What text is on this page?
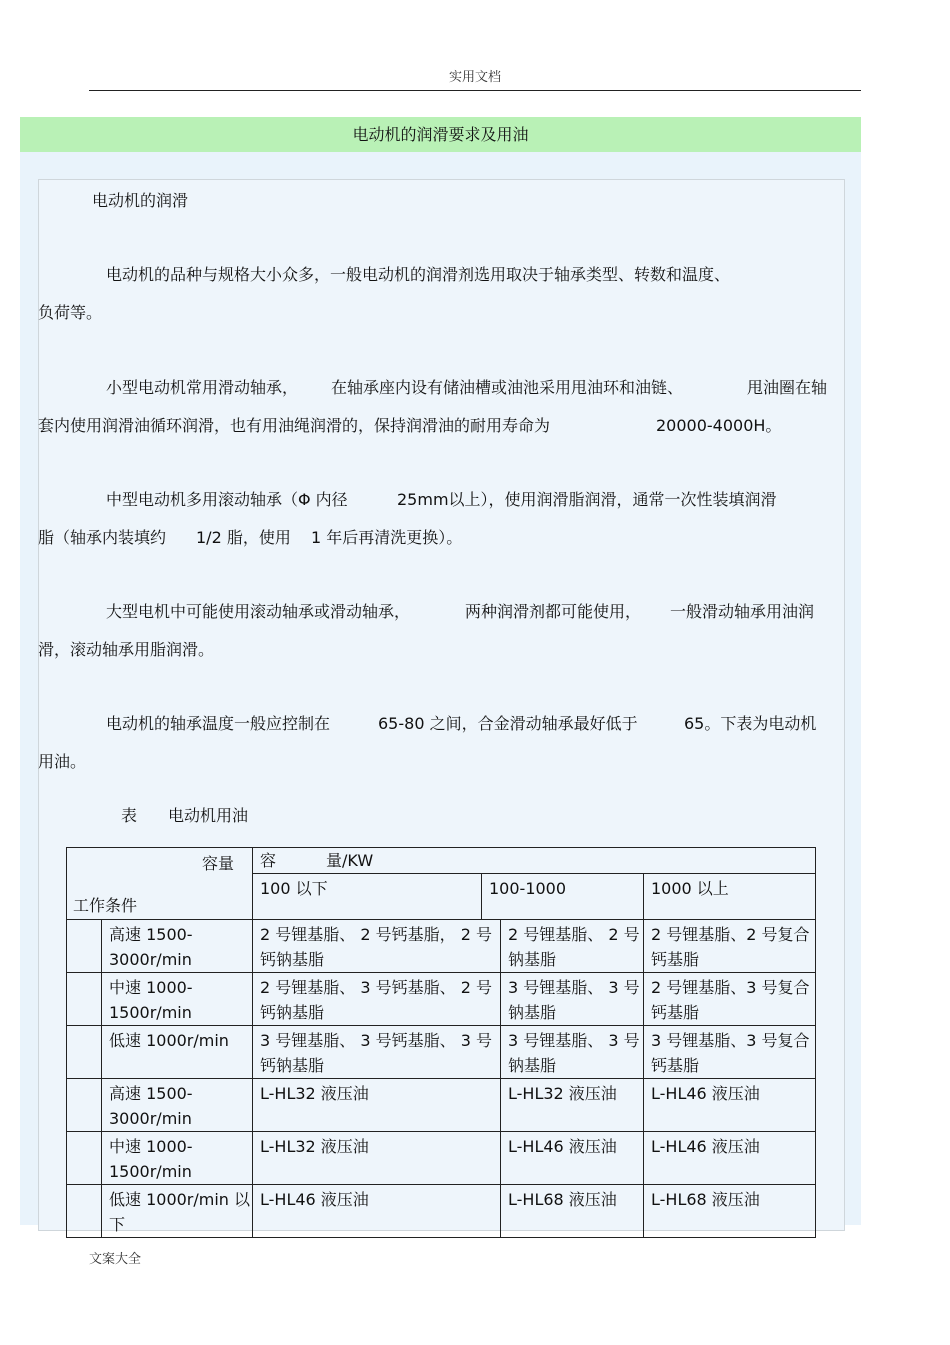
实用文档
电动机的润滑要求及用油
电动机的润滑
电动机的品种与规格大小众多，一般电动机的润滑剂选用取决于轴承类型、转数和温度、
负荷等。
小型电动机常用滑动轴承， 在轴承座内设有储油槽或油池采用甩油环和油链、	甩油圈在轴
套内使用润滑油循环润滑，也有用油绳润滑的，保持润滑油的耐用寿命为	20000-4000H。
中型电动机多用滚动轴承（Φ 内径	25mm以上），使用润滑脂润滑，通常一次性装填润滑
脂（轴承内装填约 1/2 脂，使用 1 年后再清洗更换）。
大型电机中可能使用滚动轴承或滑动轴承，	两种润滑剂都可能使用， 一般滑动轴承用油润
滑，滚动轴承用脂润滑。
电动机的轴承温度一般应控制在	65-80 之间，合金滑动轴承最好低于	65。下表为电动机
用油。
表 电动机用油
容量
工作条件		容 量/KW			
		100 以下	100-1000		1000 以上
	高速 1500-3000r/min	2 号锂基脂、 2 号钙基脂， 2 号钙钠基脂		2 号锂基脂、 2 号钠基脂	2 号锂基脂、2 号复合钙基脂
	中速 1000-1500r/min	2 号锂基脂、 3 号钙基脂、 2 号钙钠基脂		3 号锂基脂、 3 号钠基脂	2 号锂基脂、3 号复合钙基脂
	低速 1000r/min	3 号锂基脂、 3 号钙基脂、 3 号钙钠基脂		3 号锂基脂、 3 号钠基脂	3 号锂基脂、3 号复合钙基脂
	高速 1500-3000r/min	L-HL32 液压油		L-HL32 液压油	L-HL46 液压油
	中速 1000-1500r/min	L-HL32 液压油		L-HL46 液压油	L-HL46 液压油
	低速 1000r/min 以下	L-HL46 液压油		L-HL68 液压油	L-HL68 液压油
文案大全
